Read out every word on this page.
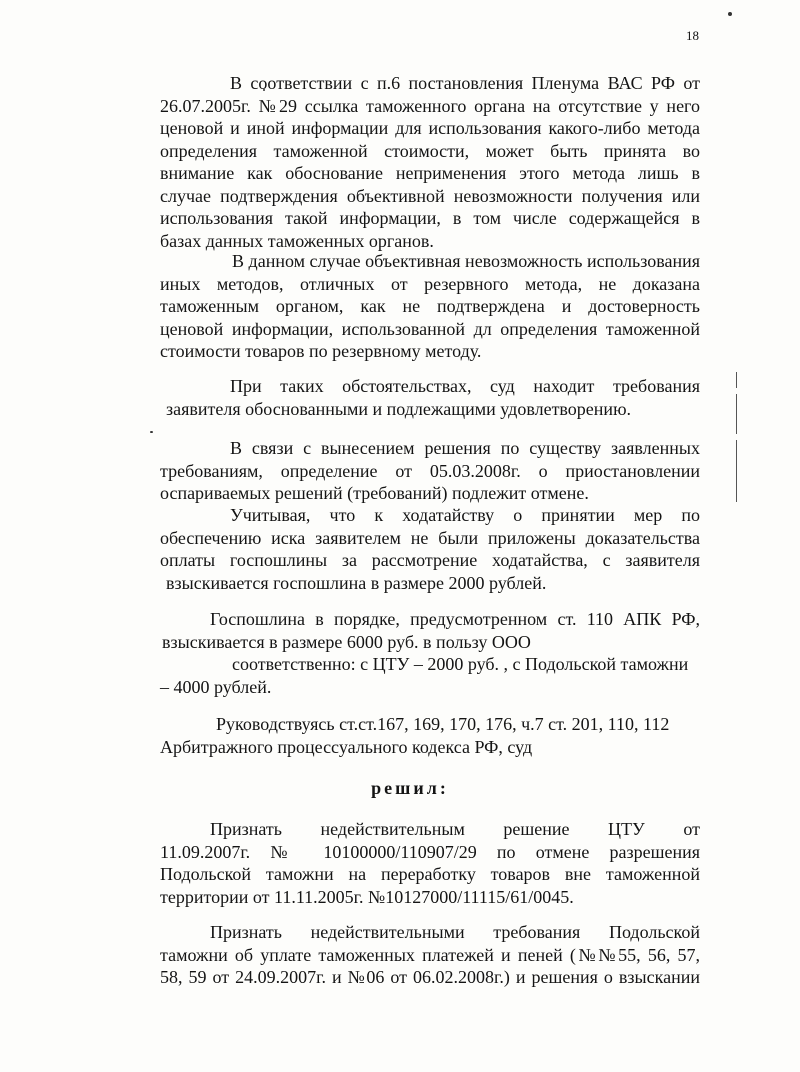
18
В соответствии с п.6 постановления Пленума ВАС РФ от
26.07.2005г. №29 ссылка таможенного органа на отсутствие у него
ценовой и иной информации для использования какого-либо метода
определения таможенной стоимости, может быть принята во
внимание как обоснование неприменения этого метода лишь в
случае подтверждения объективной невозможности получения или
использования такой информации, в том числе содержащейся в
базах данных таможенных органов.
В данном случае объективная невозможность использования
иных методов, отличных от резервного метода, не доказана
таможенным органом, как не подтверждена и достоверность
ценовой информации, использованной дл определения таможенной
стоимости товаров по резервному методу.
При таких обстоятельствах, суд находит требования
заявителя обоснованными и подлежащими удовлетворению.
В связи с вынесением решения по существу заявленных
требованиям, определение от 05.03.2008г. о приостановлении
оспариваемых решений (требований) подлежит отмене.
Учитывая, что к ходатайству о принятии мер по
обеспечению иска заявителем не были приложены доказательства
оплаты госпошлины за рассмотрение ходатайства, с заявителя
взыскивается госпошлина в размере 2000 рублей.
Госпошлина в порядке, предусмотренном ст. 110 АПК РФ,
взыскивается в размере 6000 руб. в пользу ООО
соответственно: с ЦТУ – 2000 руб. , с Подольской таможни
– 4000 рублей.
Руководствуясь ст.ст.167, 169, 170, 176, ч.7 ст. 201, 110, 112
Арбитражного процессуального кодекса РФ, суд
решил:
Признать недействительным решение ЦТУ от
11.09.2007г. № 10100000/110907/29 по отмене разрешения
Подольской таможни на переработку товаров вне таможенной
территории от 11.11.2005г. №10127000/11115/61/0045.
Признать недействительными требования Подольской
таможни об уплате таможенных платежей и пеней (№№55, 56, 57,
58, 59 от 24.09.2007г. и №06 от 06.02.2008г.) и решения о взыскании
